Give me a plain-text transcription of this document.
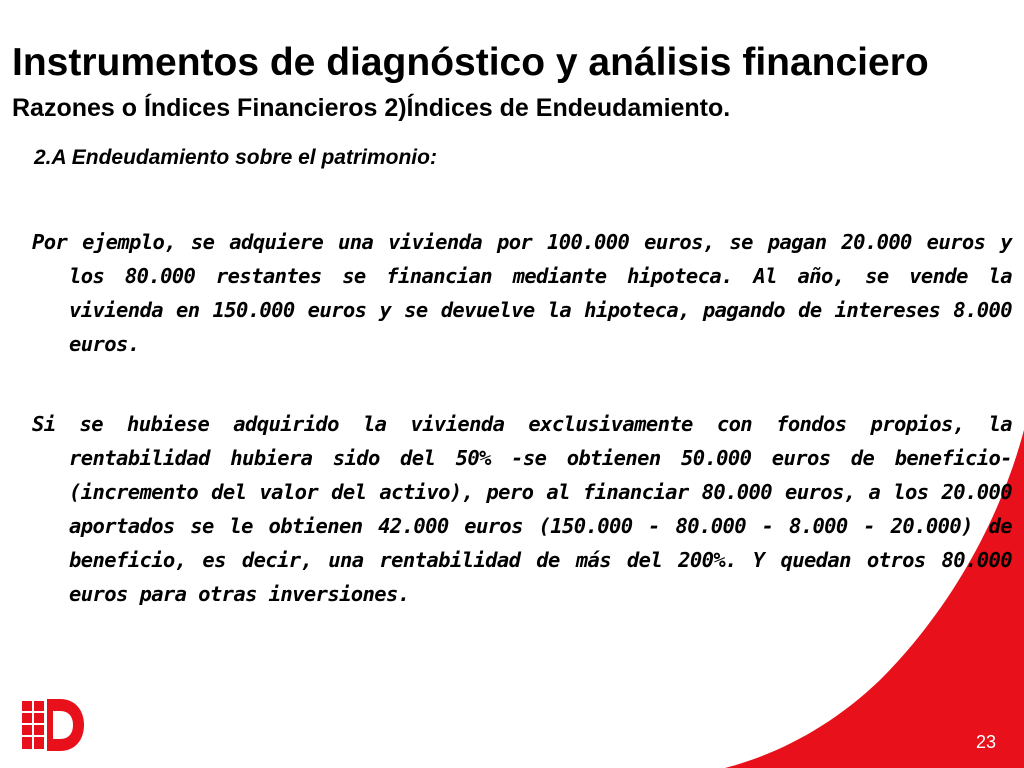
Instrumentos de diagnóstico y análisis financiero
Razones o Índices Financieros 2)Índices de Endeudamiento.

2.A Endeudamiento sobre el patrimonio:

Por ejemplo, se adquiere una vivienda por 100.000 euros, se pagan 20.000 euros y los 80.000 restantes se financian mediante hipoteca. Al año, se vende la vivienda en 150.000 euros y se devuelve la hipoteca, pagando de intereses 8.000 euros.

Si se hubiese adquirido la vivienda exclusivamente con fondos propios, la rentabilidad hubiera sido del 50% -se obtienen 50.000 euros de beneficio- (incremento del valor del activo), pero al financiar 80.000 euros, a los 20.000 aportados se le obtienen 42.000 euros (150.000 - 80.000 - 8.000 - 20.000) de beneficio, es decir, una rentabilidad de más del 200%. Y quedan otros 80.000 euros para otras inversiones.

23
